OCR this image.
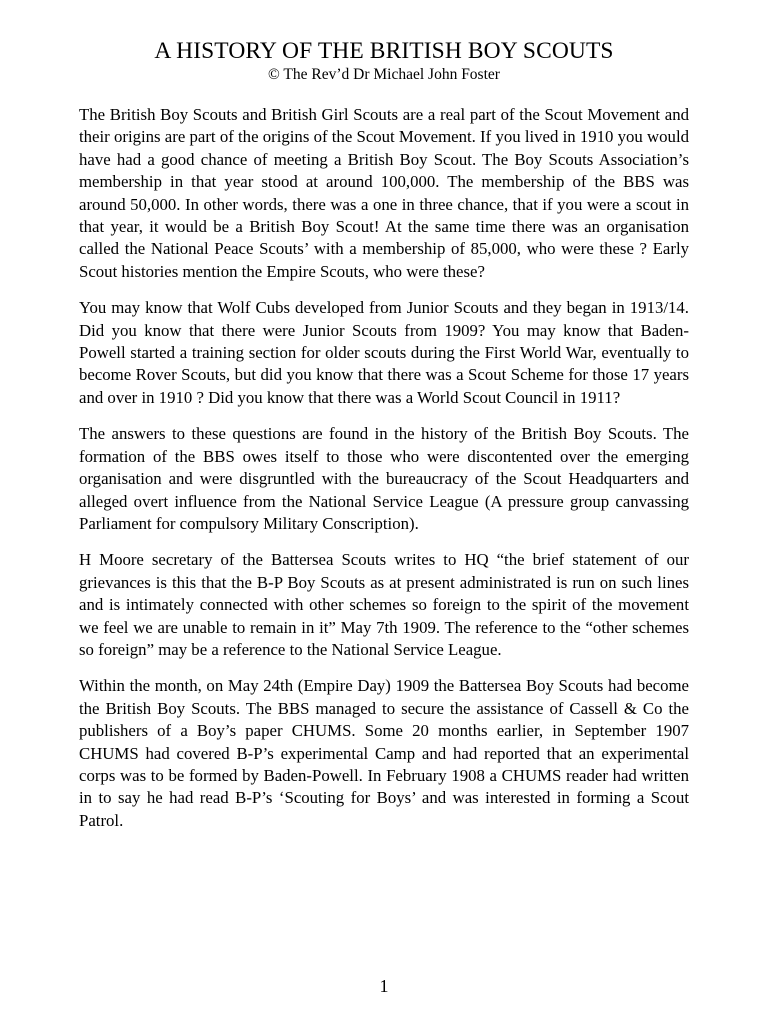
A HISTORY OF THE BRITISH BOY SCOUTS
© The Rev’d Dr Michael John Foster

The British Boy Scouts and British Girl Scouts are a real part of the Scout Movement and their origins are part of the origins of the Scout Movement. If you lived in 1910 you would have had a good chance of meeting a British Boy Scout. The Boy Scouts Association’s membership in that year stood at around 100,000. The membership of the BBS was around 50,000. In other words, there was a one in three chance, that if you were a scout in that year, it would be a British Boy Scout! At the same time there was an organisation called the National Peace Scouts’ with a membership of 85,000, who were these ? Early Scout histories mention the Empire Scouts, who were these?

You may know that Wolf Cubs developed from Junior Scouts and they began in 1913/14. Did you know that there were Junior Scouts from 1909? You may know that Baden-Powell started a training section for older scouts during the First World War, eventually to become Rover Scouts, but did you know that there was a Scout Scheme for those 17 years and over in 1910 ? Did you know that there was a World Scout Council in 1911?

The answers to these questions are found in the history of the British Boy Scouts. The formation of the BBS owes itself to those who were discontented over the emerging organisation and were disgruntled with the bureaucracy of the Scout Headquarters and alleged overt influence from the National Service League (A pressure group canvassing Parliament for compulsory Military Conscription).

H Moore secretary of the Battersea Scouts writes to HQ “the brief statement of our grievances is this that the B-P Boy Scouts as at present administrated is run on such lines and is intimately connected with other schemes so foreign to the spirit of the movement we feel we are unable to remain in it” May 7th 1909. The reference to the “other schemes so foreign” may be a reference to the National Service League.

Within the month, on May 24th (Empire Day) 1909 the Battersea Boy Scouts had become the British Boy Scouts. The BBS managed to secure the assistance of Cassell & Co the publishers of a Boy’s paper CHUMS. Some 20 months earlier, in September 1907 CHUMS had covered B-P’s experimental Camp and had reported that an experimental corps was to be formed by Baden-Powell. In February 1908 a CHUMS reader had written in to say he had read B-P’s ‘Scouting for Boys’ and was interested in forming a Scout Patrol.

1
